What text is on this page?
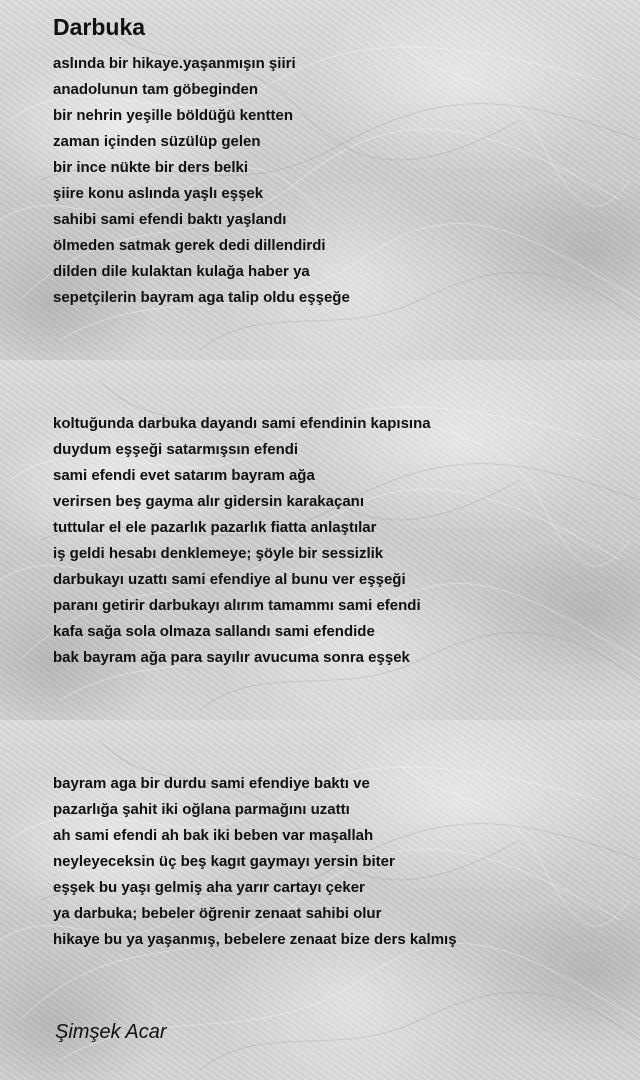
Darbuka
aslında bir hikaye.yaşanmışın şiiri
anadolunun tam göbeginden
bir nehrin yeşille böldüğü kentten
zaman içinden süzülüp gelen
bir ince nükte bir ders belki
şiire konu aslında yaşlı eşşek
sahibi sami efendi baktı yaşlandı
ölmeden satmak gerek dedi dillendirdi
dilden dile kulaktan kulağa haber ya
sepetçilerin bayram aga talip oldu eşşeğe
koltuğunda darbuka dayandı sami efendinin kapısına
duydum eşşeği satarmışsın efendi
sami efendi evet satarım bayram ağa
verirsen beş gayma alır gidersin karakaçanı
tuttular el ele pazarlık pazarlık fiatta anlaştılar
iş geldi hesabı denklemeye; şöyle bir sessizlik
darbukayı uzattı sami efendiye al bunu ver eşşeği
paranı getirir darbukayı alırım tamammı sami efendi
kafa sağa sola olmaza sallandı sami efendide
bak bayram ağa para sayılır avucuma sonra eşşek
bayram aga bir durdu sami efendiye baktı ve
pazarlığa şahit iki oğlana parmağını uzattı
ah sami efendi ah bak iki beben var maşallah
neyleyeceksin üç beş kagıt gaymayı yersin biter
eşşek bu yaşı gelmiş aha yarır cartayı çeker
ya darbuka; bebeler öğrenir zenaat sahibi olur
hikaye bu ya yaşanmış, bebelere zenaat bize ders kalmış

Şimşek Acar
